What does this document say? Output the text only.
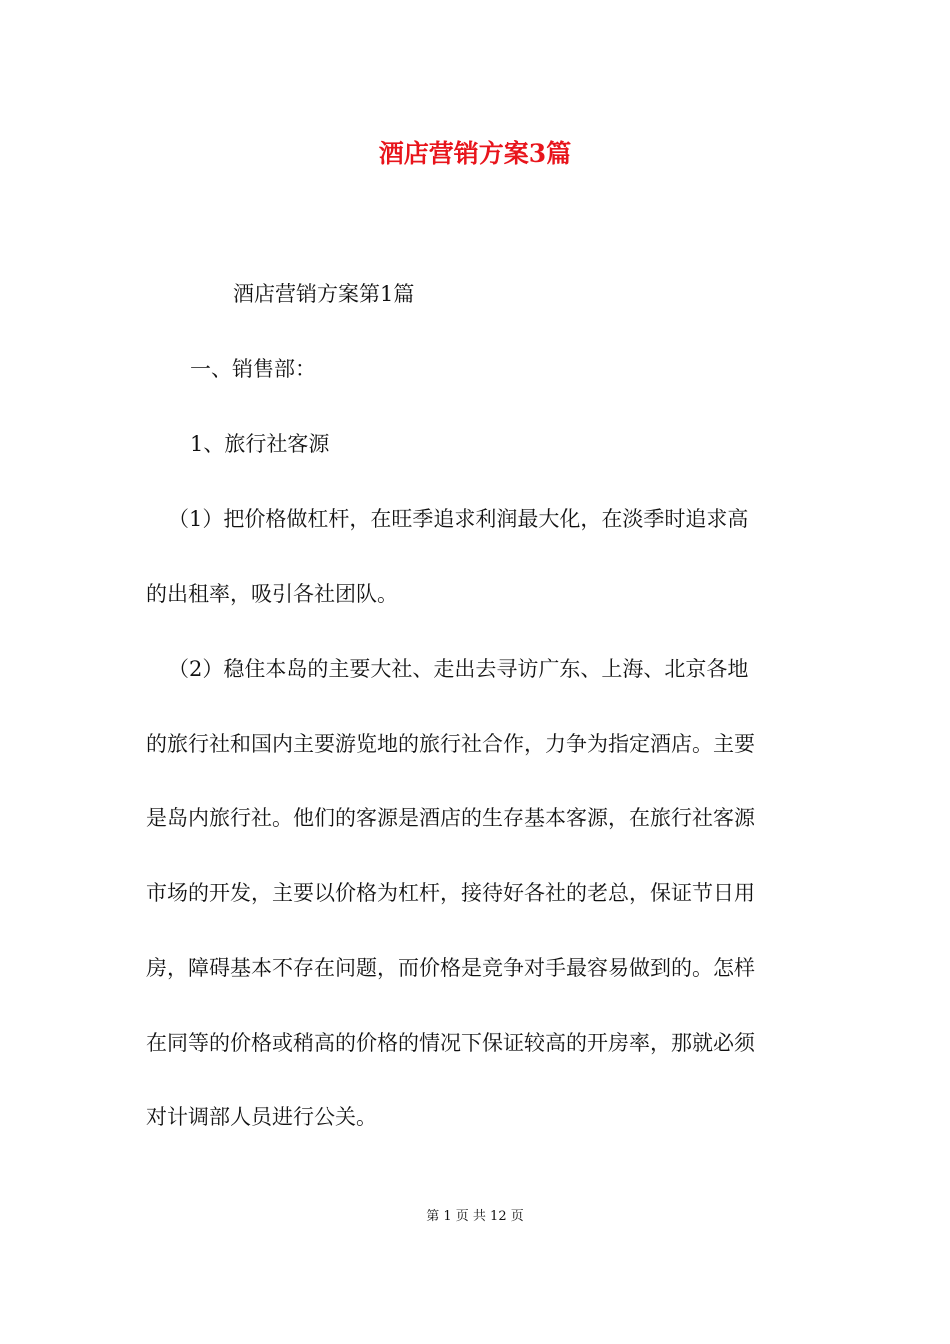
酒店营销方案3篇
酒店营销方案第1篇
一、销售部：
1、旅行社客源
（1）把价格做杠杆，在旺季追求利润最大化，在淡季时追求高
的出租率，吸引各社团队。
（2）稳住本岛的主要大社、走出去寻访广东、上海、北京各地
的旅行社和国内主要游览地的旅行社合作，力争为指定酒店。主要
是岛内旅行社。他们的客源是酒店的生存基本客源，在旅行社客源
市场的开发，主要以价格为杠杆，接待好各社的老总，保证节日用
房，障碍基本不存在问题，而价格是竞争对手最容易做到的。怎样
在同等的价格或稍高的价格的情况下保证较高的开房率，那就必须
对计调部人员进行公关。
第 1 页 共 12 页
